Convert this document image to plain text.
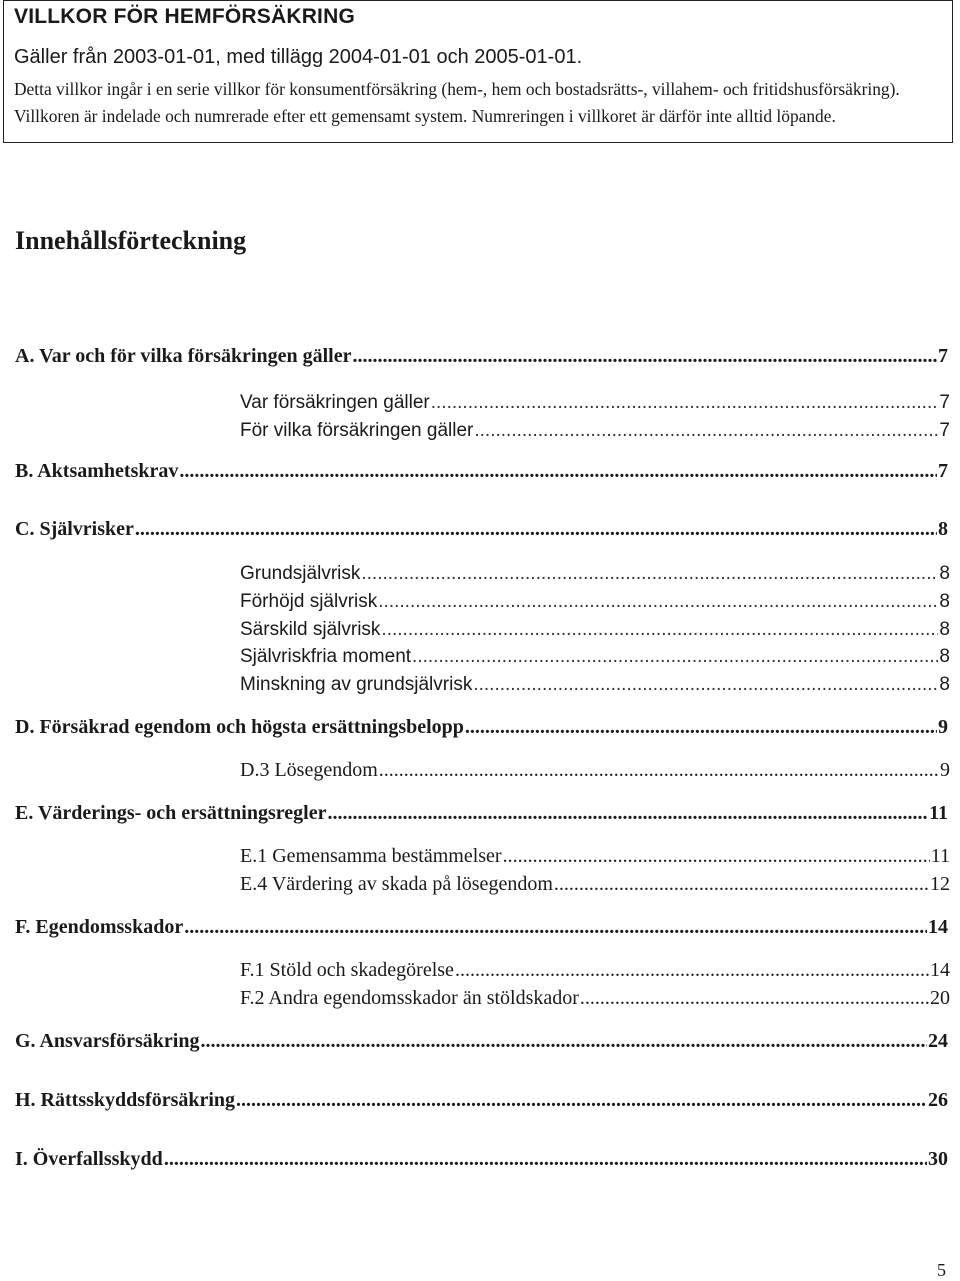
VILLKOR FÖR HEMFÖRSÄKRING
Gäller från 2003-01-01, med tillägg 2004-01-01 och 2005-01-01.
Detta villkor ingår i en serie villkor för konsumentförsäkring (hem-, hem och bostadsrätts-, villahem- och fritidshusförsäkring). Villkoren är indelade och numrerade efter ett gemensamt system. Numreringen i villkoret är därför inte alltid löpande.
Innehållsförteckning
A. Var och för vilka försäkringen gäller .....	7
Var försäkringen gäller .....	7
För vilka försäkringen gäller .....	7
B. Aktsamhetskrav .....	7
C. Självrisker .....	8
Grundsjälvrisk .....	8
Förhöjd självrisk .....	8
Särskild självrisk .....	8
Självriskfria moment .....	8
Minskning av grundsjälvrisk .....	8
D. Försäkrad egendom och högsta ersättningsbelopp .....	9
D.3 Lösegendom .....	9
E. Värderings- och ersättningsregler .....	11
E.1 Gemensamma bestämmelser .....	11
E.4 Värdering av skada på lösegendom .....	12
F. Egendomsskador .....	14
F.1 Stöld och skadegörelse .....	14
F.2 Andra egendomsskador än stöldskador .....	20
G. Ansvarsförsäkring .....	24
H. Rättsskyddsförsäkring .....	26
I. Överfallsskydd .....	30
5
